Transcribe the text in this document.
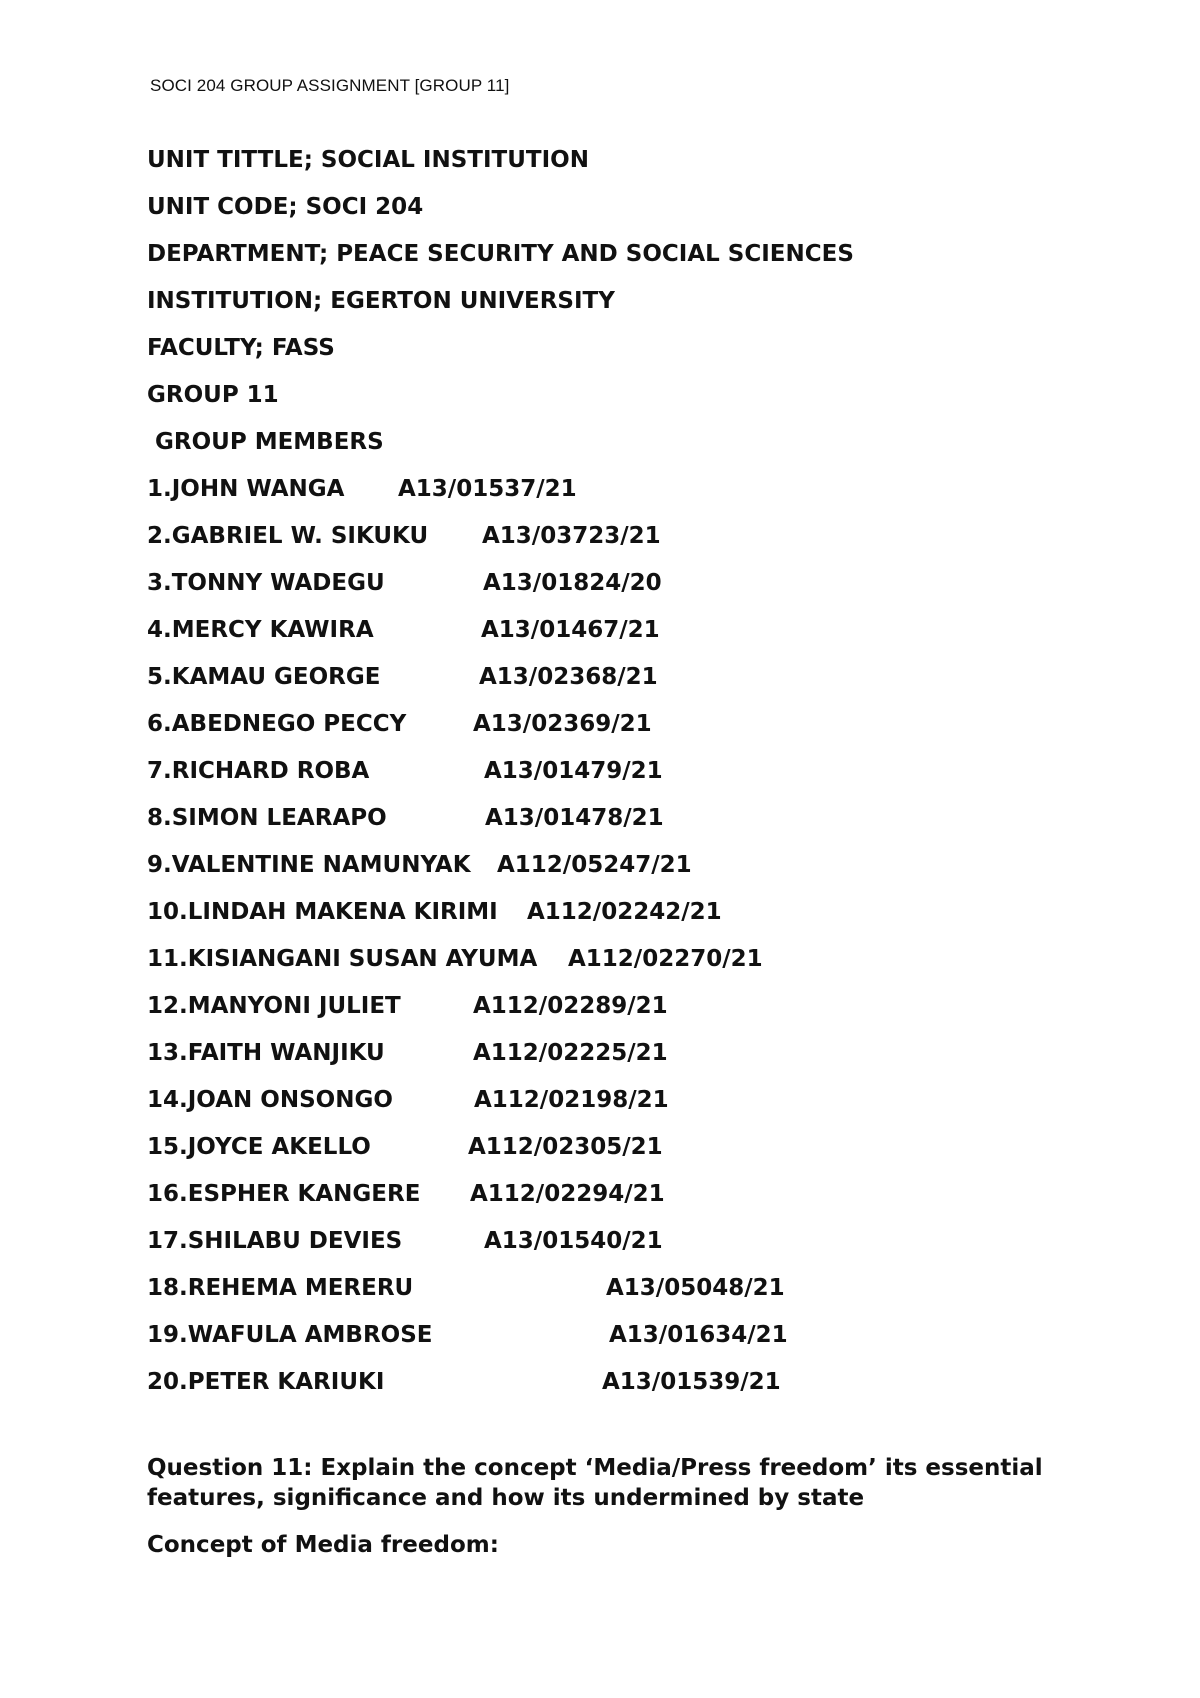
SOCI 204 GROUP ASSIGNMENT [GROUP 11]
UNIT TITTLE; SOCIAL INSTITUTION
UNIT CODE; SOCI 204
DEPARTMENT; PEACE SECURITY AND SOCIAL SCIENCES
INSTITUTION; EGERTON UNIVERSITY
FACULTY; FASS
GROUP 11
GROUP MEMBERS
1.JOHN WANGA A13/01537/21
2.GABRIEL W. SIKUKU A13/03723/21
3.TONNY WADEGU	A13/01824/20
4.MERCY KAWIRA	A13/01467/21
5.KAMAU GEORGE	A13/02368/21
6.ABEDNEGO PECCY	A13/02369/21
7.RICHARD ROBA	A13/01479/21
8.SIMON LEARAPO	A13/01478/21
9.VALENTINE NAMUNYAK A112/05247/21
10.LINDAH MAKENA KIRIMI A112/02242/21
11.KISIANGANI SUSAN AYUMA A112/02270/21
12.MANYONI JULIET	A112/02289/21
13.FAITH WANJIKU	A112/02225/21
14.JOAN ONSONGO	A112/02198/21
15.JOYCE AKELLO	A112/02305/21
16.ESPHER KANGERE A112/02294/21
17.SHILABU DEVIES	A13/01540/21
18.REHEMA MERERU	A13/05048/21
19.WAFULA AMBROSE	A13/01634/21
20.PETER KARIUKI	A13/01539/21
Question 11: Explain the concept ‘Media/Press freedom’ its essential features, significance and how its undermined by state
Concept of Media freedom:
